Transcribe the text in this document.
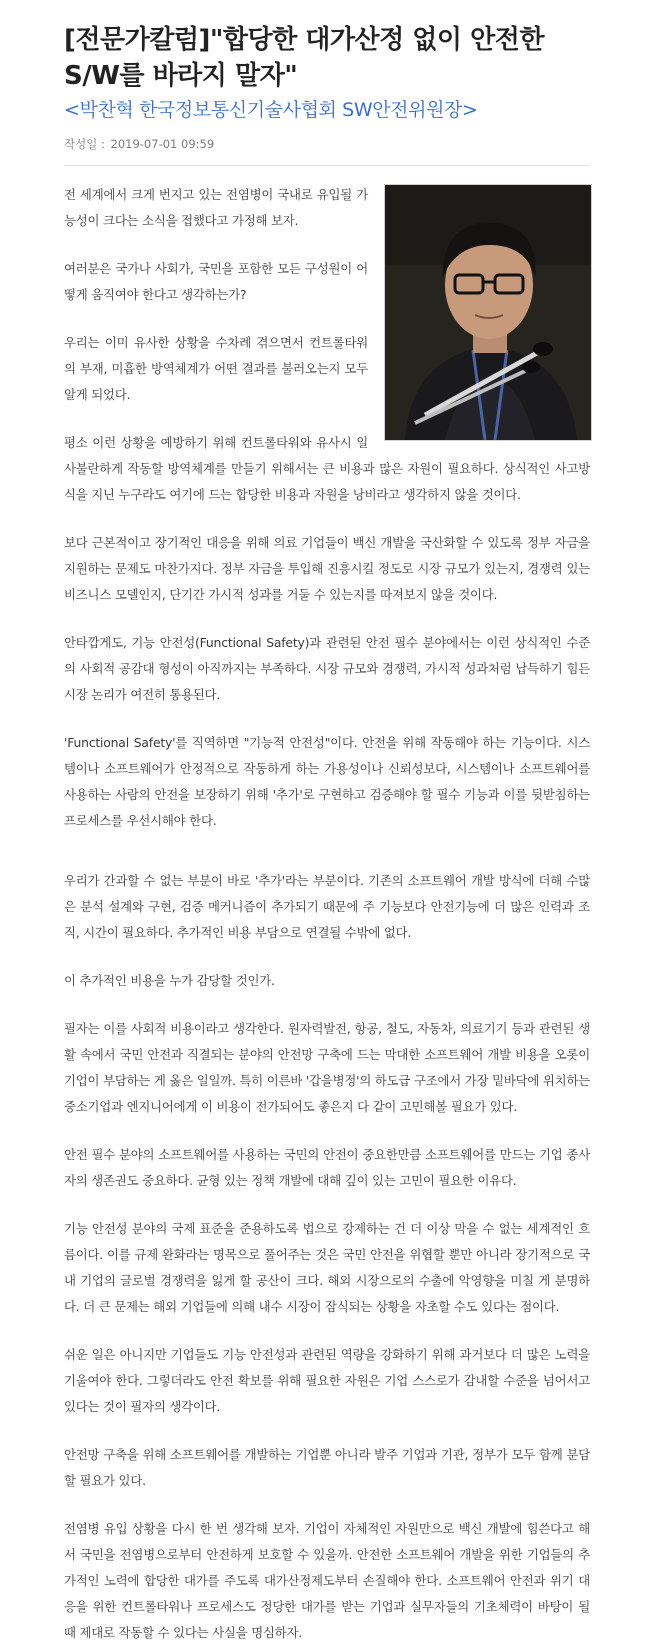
[전문가칼럼]"합당한 대가산정 없이 안전한 S/W를 바라지 말자"
<박찬혁 한국정보통신기술사협회 SW안전위원장>
작성일 : 2019-07-01 09:59

전 세계에서 크게 번지고 있는 전염병이 국내로 유입될 가능성이 크다는 소식을 접했다고 가정해 보자.

여러분은 국가나 사회가, 국민을 포함한 모든 구성원이 어떻게 움직여야 한다고 생각하는가?

우리는 이미 유사한 상황을 수차례 겪으면서 컨트롤타워의 부재, 미흡한 방역체계가 어떤 결과를 불러오는지 모두 알게 되었다.

평소 이런 상황을 예방하기 위해 컨트롤타워와 유사시 일사불란하게 작동할 방역체계를 만들기 위해서는 큰 비용과 많은 자원이 필요하다. 상식적인 사고방식을 지닌 누구라도 여기에 드는 합당한 비용과 자원을 낭비라고 생각하지 않을 것이다.

보다 근본적이고 장기적인 대응을 위해 의료 기업들이 백신 개발을 국산화할 수 있도록 정부 자금을 지원하는 문제도 마찬가지다. 정부 자금을 투입해 진흥시킬 정도로 시장 규모가 있는지, 경쟁력 있는 비즈니스 모델인지, 단기간 가시적 성과를 거둘 수 있는지를 따져보지 않을 것이다.

안타깝게도, 기능 안전성(Functional Safety)과 관련된 안전 필수 분야에서는 이런 상식적인 수준의 사회적 공감대 형성이 아직까지는 부족하다. 시장 규모와 경쟁력, 가시적 성과처럼 납득하기 힘든 시장 논리가 여전히 통용된다.

'Functional Safety'를 직역하면 "기능적 안전성"이다. 안전을 위해 작동해야 하는 기능이다. 시스템이나 소프트웨어가 안정적으로 작동하게 하는 가용성이나 신뢰성보다, 시스템이나 소프트웨어를 사용하는 사람의 안전을 보장하기 위해 '추가'로 구현하고 검증해야 할 필수 기능과 이를 뒷받침하는 프로세스를 우선시해야 한다.

우리가 간과할 수 없는 부분이 바로 '추가'라는 부분이다. 기존의 소프트웨어 개발 방식에 더해 수많은 분석 설계와 구현, 검증 메커니즘이 추가되기 때문에 주 기능보다 안전기능에 더 많은 인력과 조직, 시간이 필요하다. 추가적인 비용 부담으로 연결될 수밖에 없다.

이 추가적인 비용을 누가 감당할 것인가.

필자는 이를 사회적 비용이라고 생각한다. 원자력발전, 항공, 철도, 자동차, 의료기기 등과 관련된 생활 속에서 국민 안전과 직결되는 분야의 안전망 구축에 드는 막대한 소프트웨어 개발 비용을 오롯이 기업이 부담하는 게 옳은 일일까. 특히 이른바 '갑을병정'의 하도급 구조에서 가장 밑바닥에 위치하는 중소기업과 엔지니어에게 이 비용이 전가되어도 좋은지 다 같이 고민해볼 필요가 있다.

안전 필수 분야의 소프트웨어를 사용하는 국민의 안전이 중요한만큼 소프트웨어를 만드는 기업 종사자의 생존권도 중요하다. 균형 있는 정책 개발에 대해 깊이 있는 고민이 필요한 이유다.

기능 안전성 분야의 국제 표준을 준용하도록 법으로 강제하는 건 더 이상 막을 수 없는 세계적인 흐름이다. 이를 규제 완화라는 명목으로 풀어주는 것은 국민 안전을 위협할 뿐만 아니라 장기적으로 국내 기업의 글로벌 경쟁력을 잃게 할 공산이 크다. 해외 시장으로의 수출에 악영향을 미칠 게 분명하다. 더 큰 문제는 해외 기업들에 의해 내수 시장이 잠식되는 상황을 자초할 수도 있다는 점이다.

쉬운 일은 아니지만 기업들도 기능 안전성과 관련된 역량을 강화하기 위해 과거보다 더 많은 노력을 기울여야 한다. 그렇더라도 안전 확보를 위해 필요한 자원은 기업 스스로가 감내할 수준을 넘어서고 있다는 것이 필자의 생각이다.

안전망 구축을 위해 소프트웨어를 개발하는 기업뿐 아니라 발주 기업과 기관, 정부가 모두 함께 분담할 필요가 있다.

전염병 유입 상황을 다시 한 번 생각해 보자. 기업이 자체적인 자원만으로 백신 개발에 힘쓴다고 해서 국민을 전염병으로부터 안전하게 보호할 수 있을까. 안전한 소프트웨어 개발을 위한 기업들의 추가적인 노력에 합당한 대가를 주도록 대가산정제도부터 손질해야 한다. 소프트웨어 안전과 위기 대응을 위한 컨트롤타워나 프로세스도 정당한 대가를 받는 기업과 실무자들의 기초체력이 바탕이 될 때 제대로 작동할 수 있다는 사실을 명심하자.
